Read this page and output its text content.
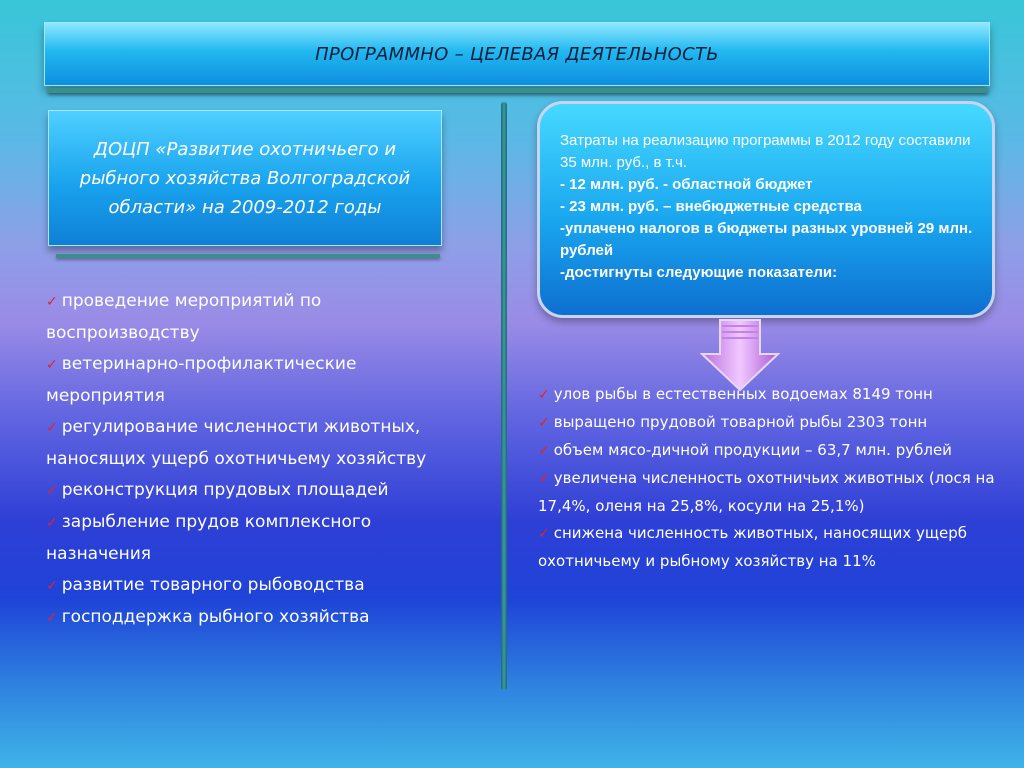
ПРОГРАММНО – ЦЕЛЕВАЯ ДЕЯТЕЛЬНОСТЬ
ДОЦП «Развитие охотничьего и рыбного хозяйства Волгоградской области» на 2009-2012 годы
Затраты на реализацию программы в 2012 году составили 35 млн. руб., в т.ч.
- 12 млн. руб. - областной бюджет
- 23 млн. руб. – внебюджетные средства
-уплачено налогов в бюджеты разных уровней 29 млн. рублей
-достигнуты следующие показатели:
✓ проведение мероприятий по воспроизводству
✓ ветеринарно-профилактические мероприятия
✓ регулирование численности животных, наносящих ущерб охотничьему хозяйству
✓ реконструкция прудовых площадей
✓ зарыбление прудов комплексного назначения
✓ развитие товарного рыбоводства
✓ господдержка рыбного хозяйства
✓ улов рыбы в естественных водоемах 8149 тонн
✓ выращено прудовой товарной рыбы 2303 тонн
✓ объем мясо-дичной продукции – 63,7 млн. рублей
✓ увеличена численность охотничьих животных (лося на 17,4%, оленя на 25,8%, косули на 25,1%)
✓ снижена численность животных, наносящих ущерб охотничьему и рыбному хозяйству на 11%
